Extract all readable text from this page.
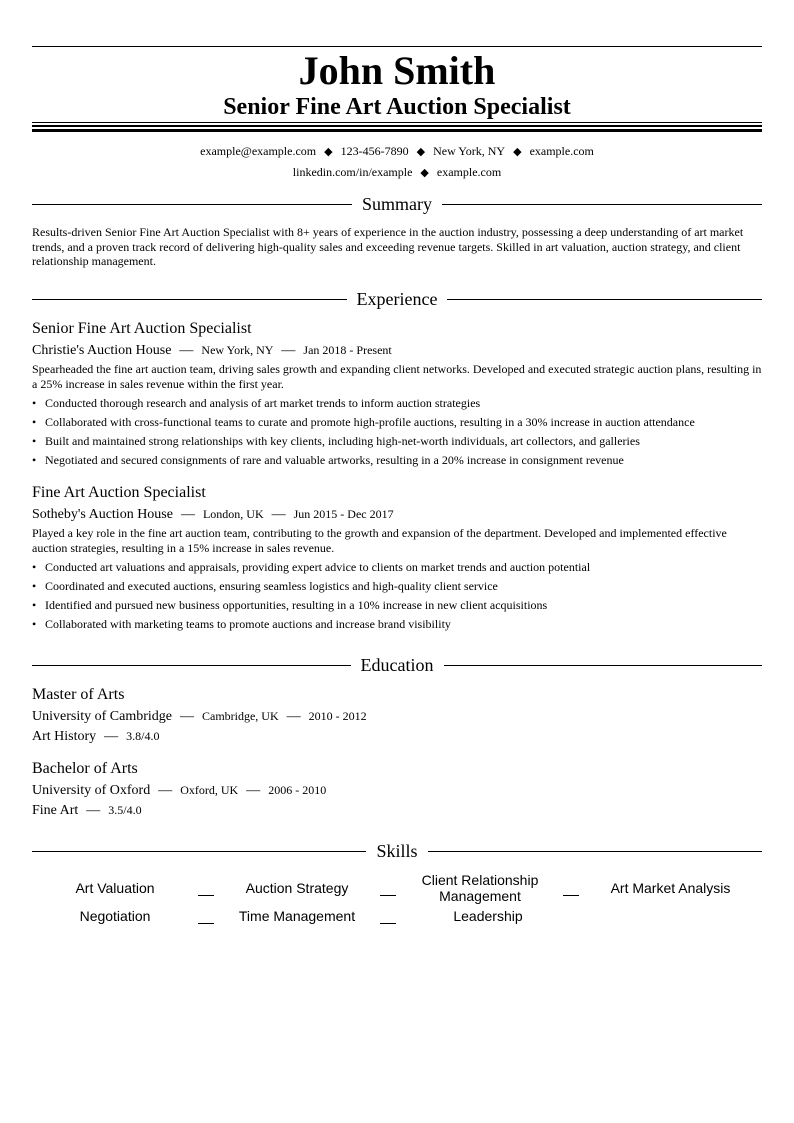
John Smith
Senior Fine Art Auction Specialist
example@example.com ◆ 123-456-7890 ◆ New York, NY ◆ example.com
linkedin.com/in/example ◆ example.com
Summary
Results-driven Senior Fine Art Auction Specialist with 8+ years of experience in the auction industry, possessing a deep understanding of art market trends, and a proven track record of delivering high-quality sales and exceeding revenue targets. Skilled in art valuation, auction strategy, and client relationship management.
Experience
Senior Fine Art Auction Specialist
Christie's Auction House — New York, NY — Jan 2018 - Present
Spearheaded the fine art auction team, driving sales growth and expanding client networks. Developed and executed strategic auction plans, resulting in a 25% increase in sales revenue within the first year.
• Conducted thorough research and analysis of art market trends to inform auction strategies
• Collaborated with cross-functional teams to curate and promote high-profile auctions, resulting in a 30% increase in auction attendance
• Built and maintained strong relationships with key clients, including high-net-worth individuals, art collectors, and galleries
• Negotiated and secured consignments of rare and valuable artworks, resulting in a 20% increase in consignment revenue
Fine Art Auction Specialist
Sotheby's Auction House — London, UK — Jun 2015 - Dec 2017
Played a key role in the fine art auction team, contributing to the growth and expansion of the department. Developed and implemented effective auction strategies, resulting in a 15% increase in sales revenue.
• Conducted art valuations and appraisals, providing expert advice to clients on market trends and auction potential
• Coordinated and executed auctions, ensuring seamless logistics and high-quality client service
• Identified and pursued new business opportunities, resulting in a 10% increase in new client acquisitions
• Collaborated with marketing teams to promote auctions and increase brand visibility
Education
Master of Arts
University of Cambridge — Cambridge, UK — 2010 - 2012
Art History — 3.8/4.0
Bachelor of Arts
University of Oxford — Oxford, UK — 2006 - 2010
Fine Art — 3.5/4.0
Skills
Art Valuation	Auction Strategy	Client Relationship Management	Art Market Analysis
Negotiation	Time Management	Leadership
